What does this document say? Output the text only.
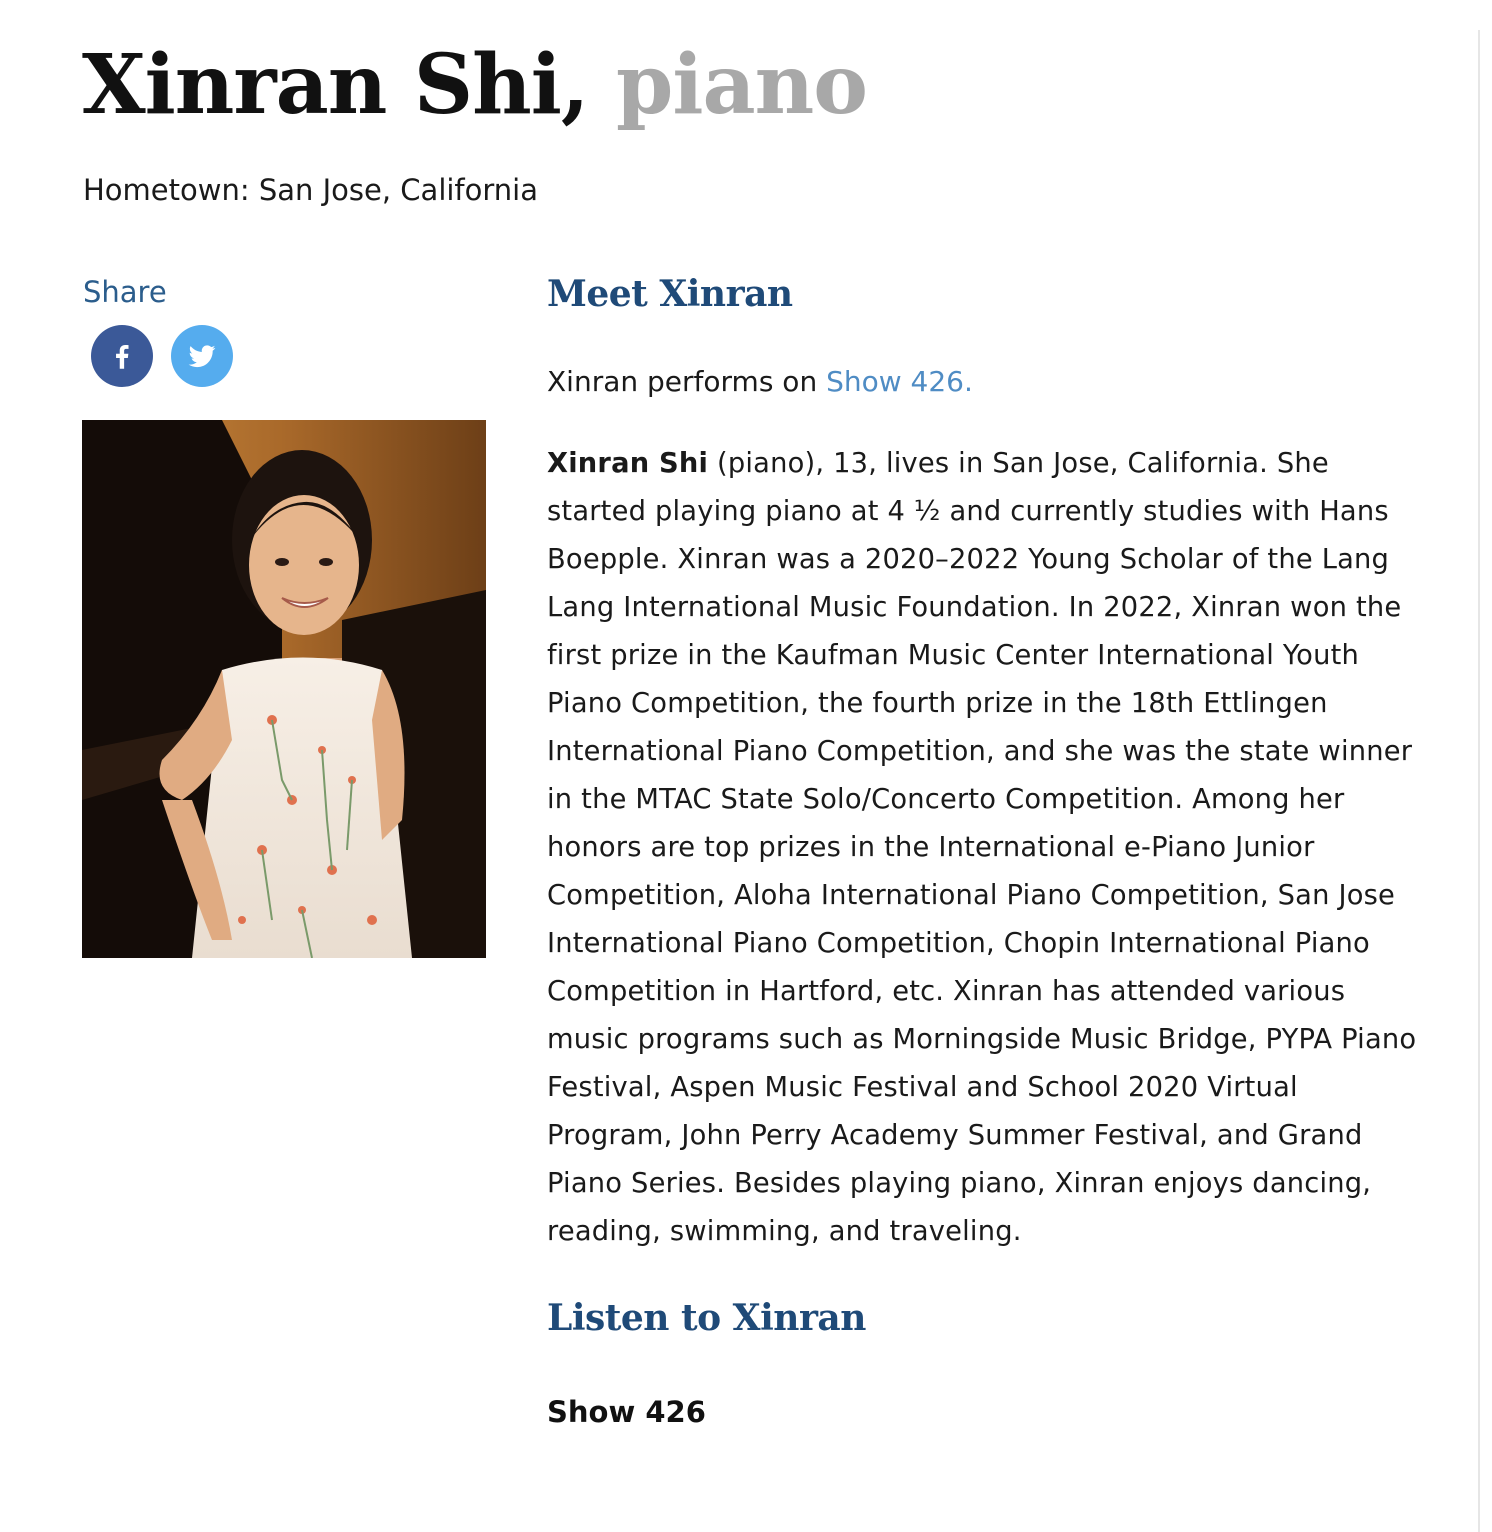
Xinran Shi, piano
Hometown: San Jose, California
Share	Meet Xinran

Xinran performs on Show 426.

Xinran Shi (piano), 13, lives in San Jose, California. She started playing piano at 4 ½ and currently studies with Hans Boepple. Xinran was a 2020–2022 Young Scholar of the Lang Lang International Music Foundation. In 2022, Xinran won the first prize in the Kaufman Music Center International Youth Piano Competition, the fourth prize in the 18th Ettlingen International Piano Competition, and she was the state winner in the MTAC State Solo/Concerto Competition. Among her honors are top prizes in the International e-Piano Junior Competition, Aloha International Piano Competition, San Jose International Piano Competition, Chopin International Piano Competition in Hartford, etc. Xinran has attended various music programs such as Morningside Music Bridge, PYPA Piano Festival, Aspen Music Festival and School 2020 Virtual Program, John Perry Academy Summer Festival, and Grand Piano Series. Besides playing piano, Xinran enjoys dancing, reading, swimming, and traveling.

Listen to Xinran
Show 426
